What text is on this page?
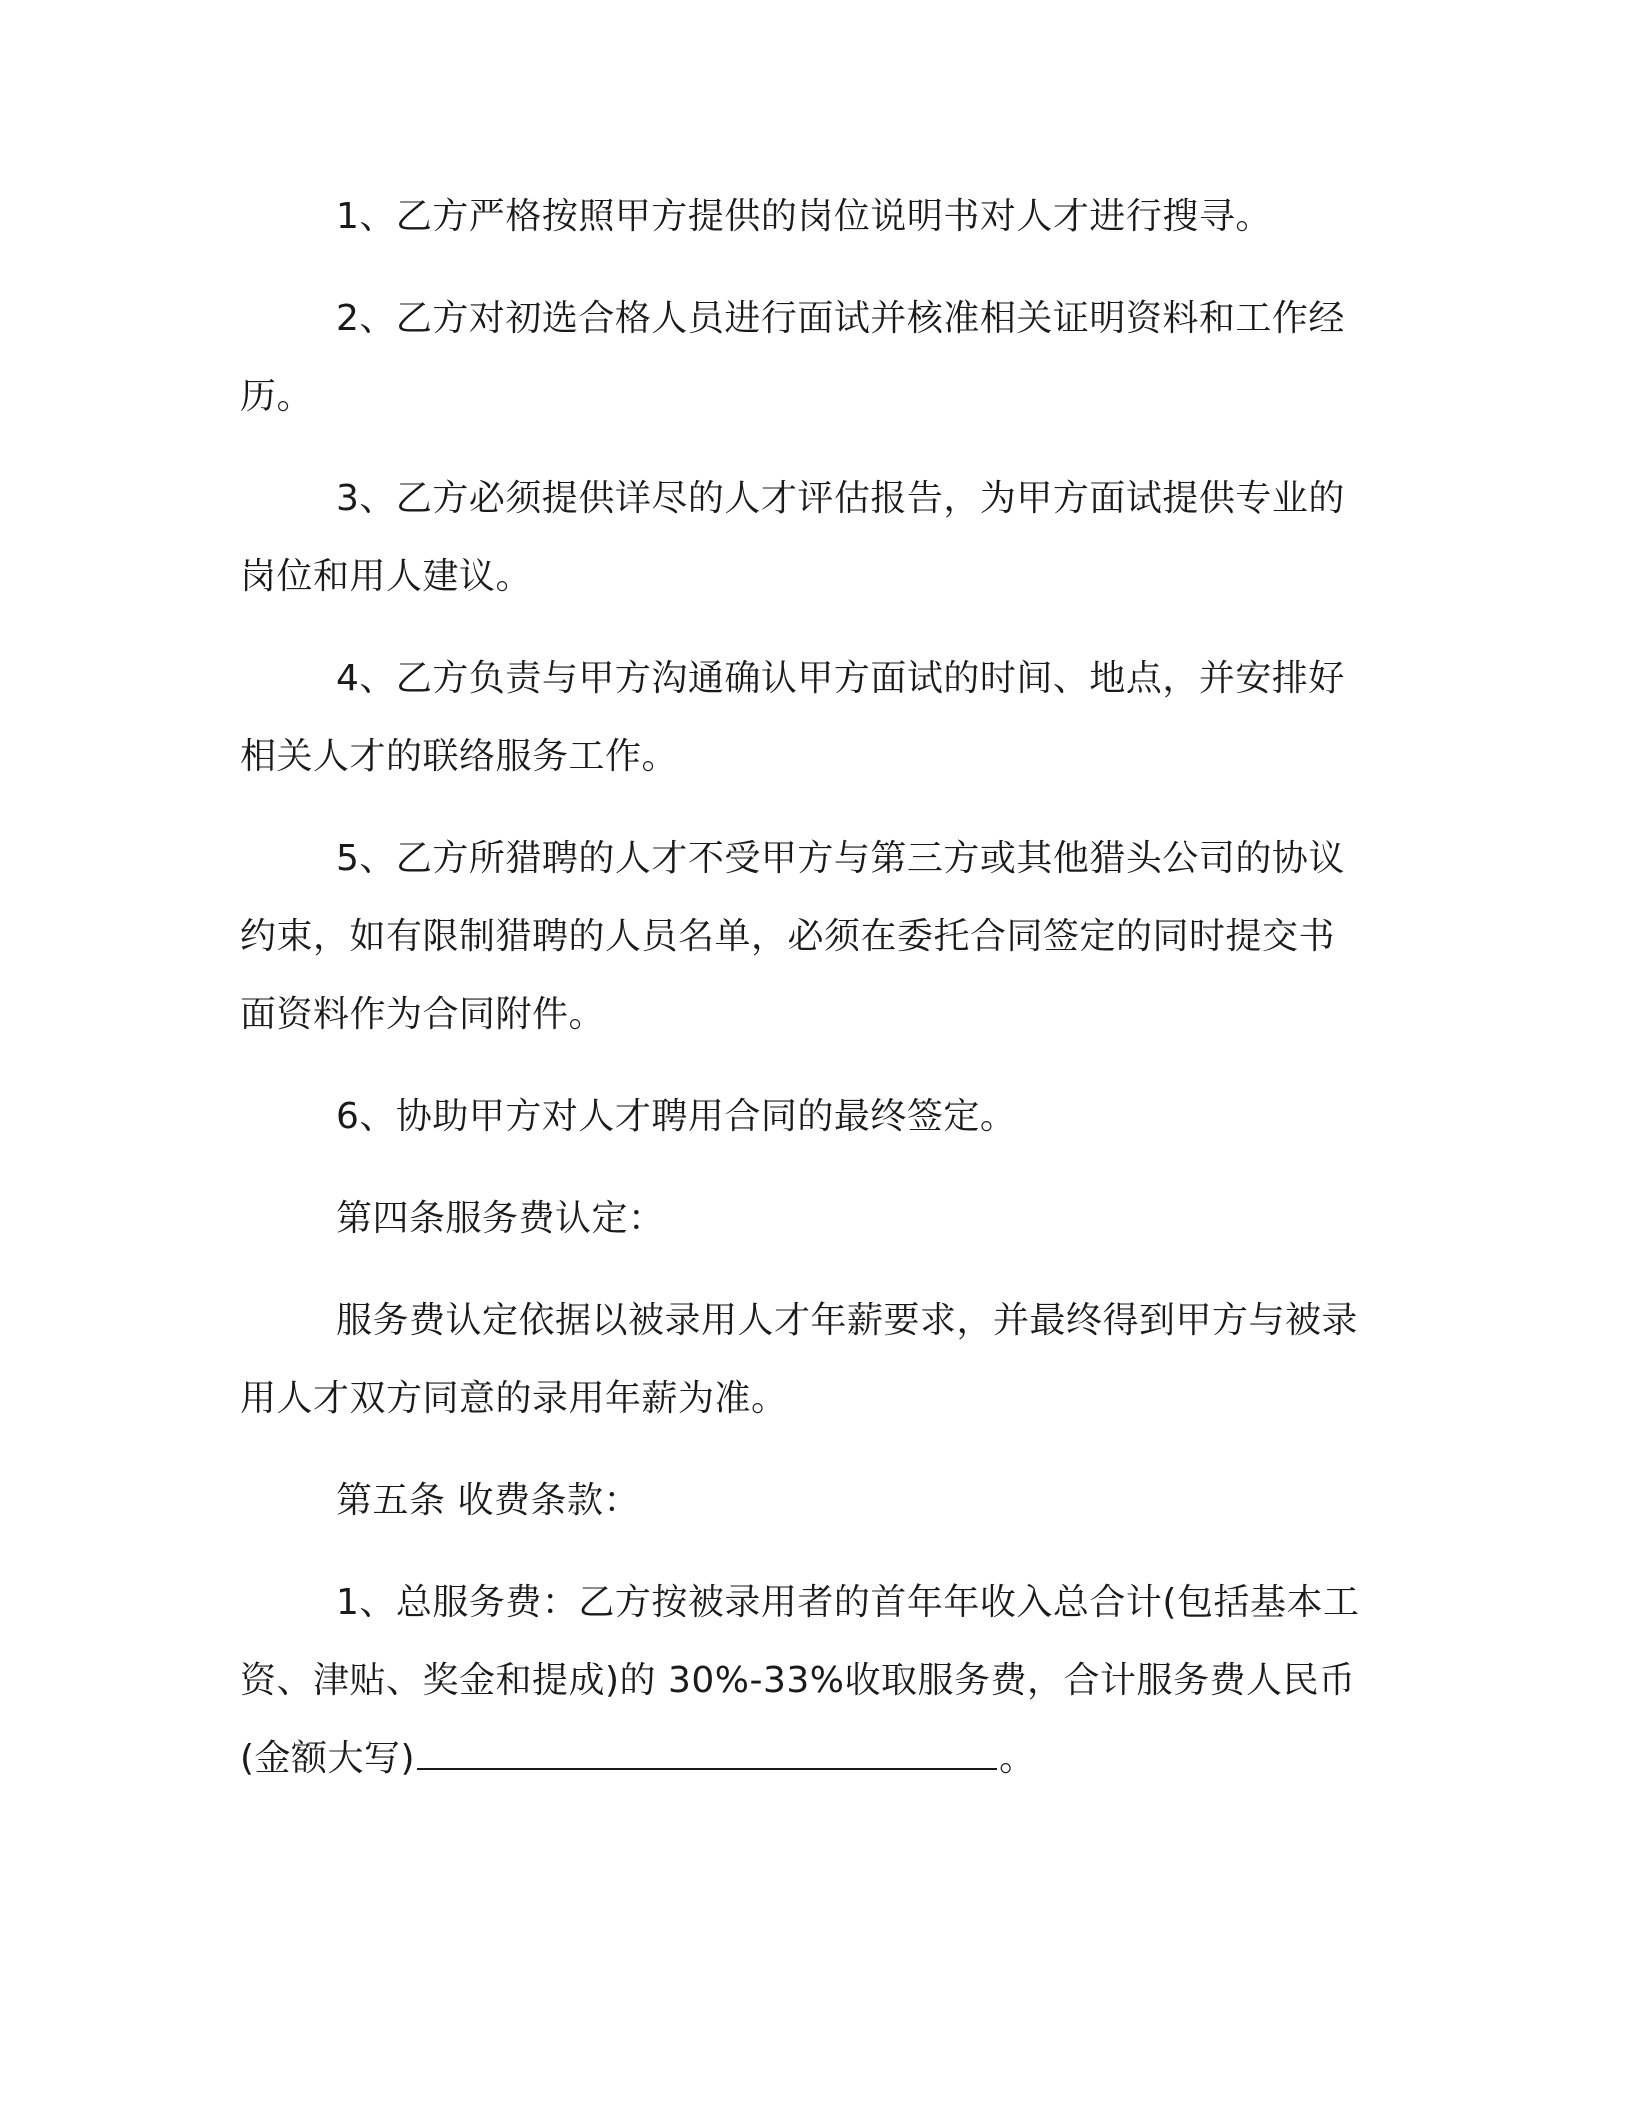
1、乙方严格按照甲方提供的岗位说明书对人才进行搜寻。

2、乙方对初选合格人员进行面试并核准相关证明资料和工作经
历。

3、乙方必须提供详尽的人才评估报告，为甲方面试提供专业的
岗位和用人建议。

4、乙方负责与甲方沟通确认甲方面试的时间、地点，并安排好
相关人才的联络服务工作。

5、乙方所猎聘的人才不受甲方与第三方或其他猎头公司的协议
约束，如有限制猎聘的人员名单，必须在委托合同签定的同时提交书
面资料作为合同附件。

6、协助甲方对人才聘用合同的最终签定。

第四条服务费认定：

服务费认定依据以被录用人才年薪要求，并最终得到甲方与被录
用人才双方同意的录用年薪为准。

第五条 收费条款：

1、总服务费：乙方按被录用者的首年年收入总合计(包括基本工
资、津贴、奖金和提成)的 30%-33%收取服务费，合计服务费人民币
(金额大写)	。
